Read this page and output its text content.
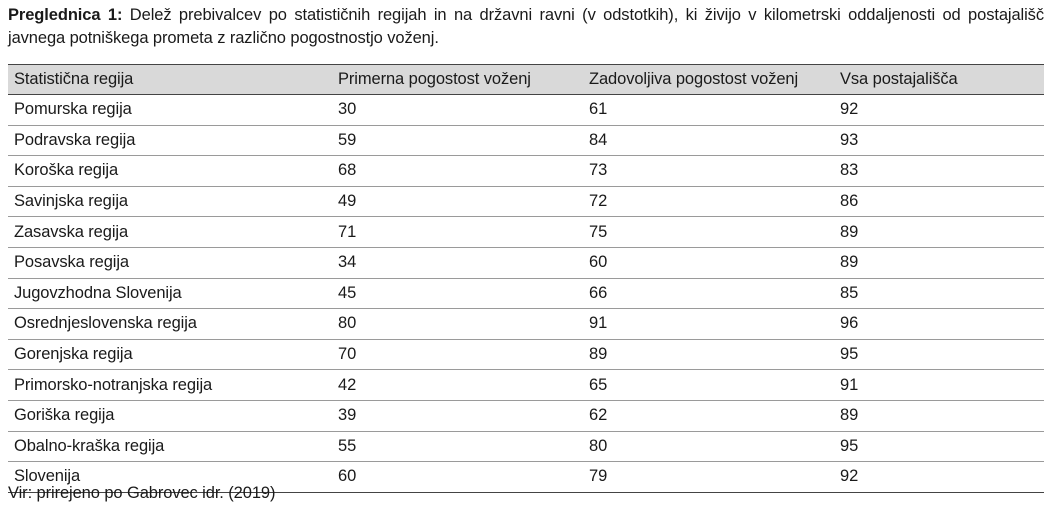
Preglednica 1: Delež prebivalcev po statističnih regijah in na državni ravni (v odstotkih), ki živijo v kilometrski oddaljenosti od postajališč javnega potniškega prometa z različno pogostnostjo voženj.
Statistična regija	Primerna pogostost voženj	Zadovoljiva pogostost voženj	Vsa postajališča
Pomurska regija	30	61	92
Podravska regija	59	84	93
Koroška regija	68	73	83
Savinjska regija	49	72	86
Zasavska regija	71	75	89
Posavska regija	34	60	89
Jugovzhodna Slovenija	45	66	85
Osrednjeslovenska regija	80	91	96
Gorenjska regija	70	89	95
Primorsko-notranjska regija	42	65	91
Goriška regija	39	62	89
Obalno-kraška regija	55	80	95
Slovenija	60	79	92
Vir: prirejeno po Gabrovec idr. (2019)
